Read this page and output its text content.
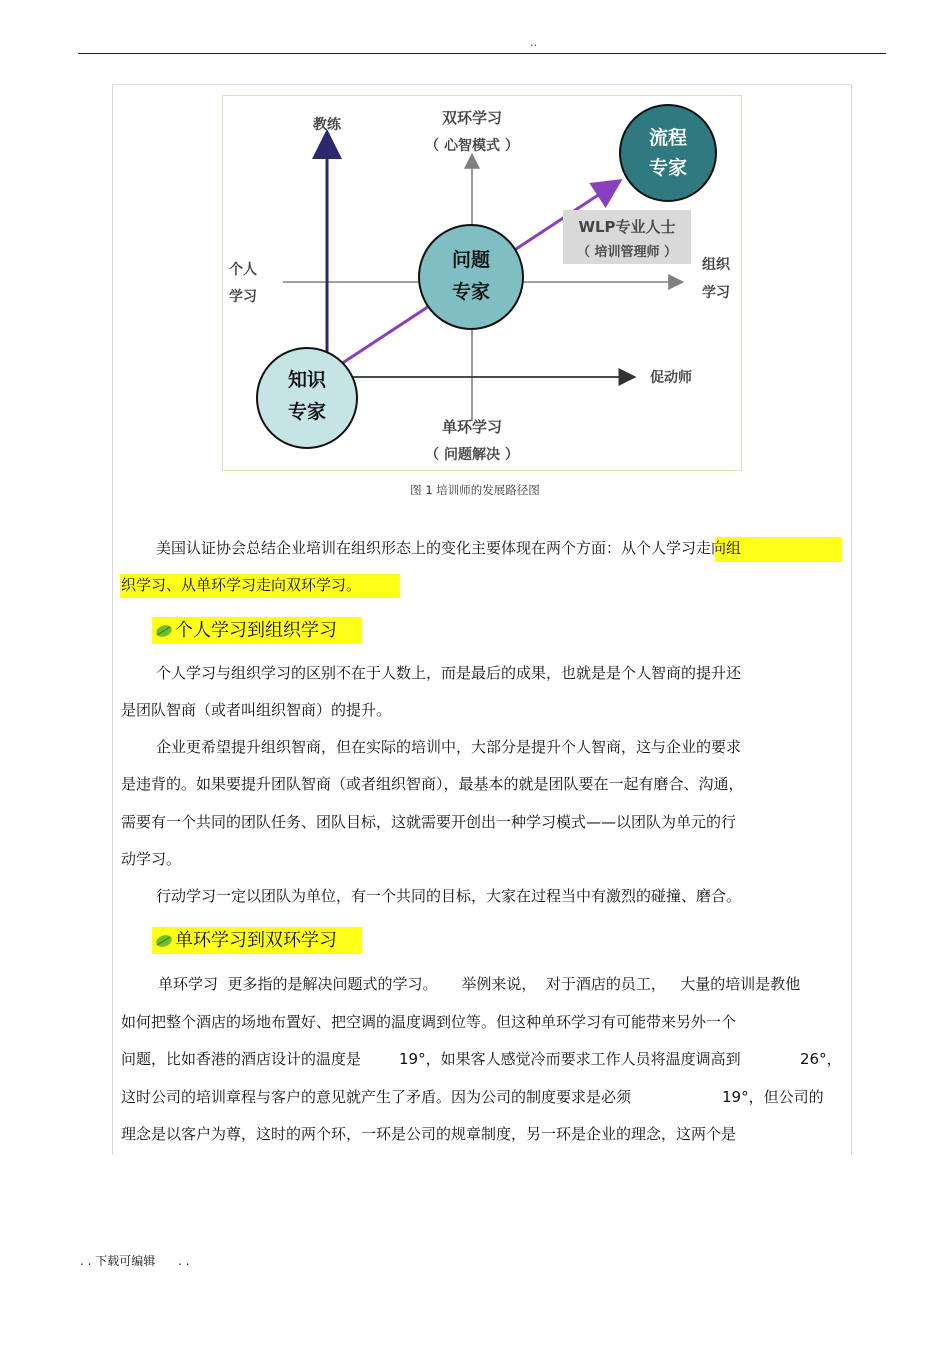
..
WLP专业人士
（ 培训管理师 ）
流程
专家
问题
专家
知识
专家
教练	双环学习
（ 心智模式 ）
个人
学习
组织
学习
促动师
单环学习
（ 问题解决 ）
图 1 培训师的发展路径图
美国认证协会总结企业培训在组织形态上的变化主要体现在两个方面：从个人学习走向组
织学习、从单环学习走向双环学习。
个人学习到组织学习
个人学习与组织学习的区别不在于人数上，而是最后的成果，也就是是个人智商的提升还
是团队智商（或者叫组织智商）的提升。
企业更希望提升组织智商，但在实际的培训中，大部分是提升个人智商，这与企业的要求
是违背的。如果要提升团队智商（或者组织智商），最基本的就是团队要在一起有磨合、沟通，
需要有一个共同的团队任务、团队目标，这就需要开创出一种学习模式——以团队为单元的行
动学习。
行动学习一定以团队为单位，有一个共同的目标，大家在过程当中有激烈的碰撞、磨合。
单环学习到双环学习
单环学习  更多指的是解决问题式的学习。     举例来说，  对于酒店的员工，   大量的培训是教他
如何把整个酒店的场地布置好、把空调的温度调到位等。但这种单环学习有可能带来另外一个
问题，比如香港的酒店设计的温度是	19°，如果客人感觉冷而要求工作人员将温度调高到	26°，
这时公司的培训章程与客户的意见就产生了矛盾。因为公司的制度要求是必须	19°，但公司的
理念是以客户为尊，这时的两个环，一环是公司的规章制度，另一环是企业的理念，这两个是
. . 下载可编辑      . .
